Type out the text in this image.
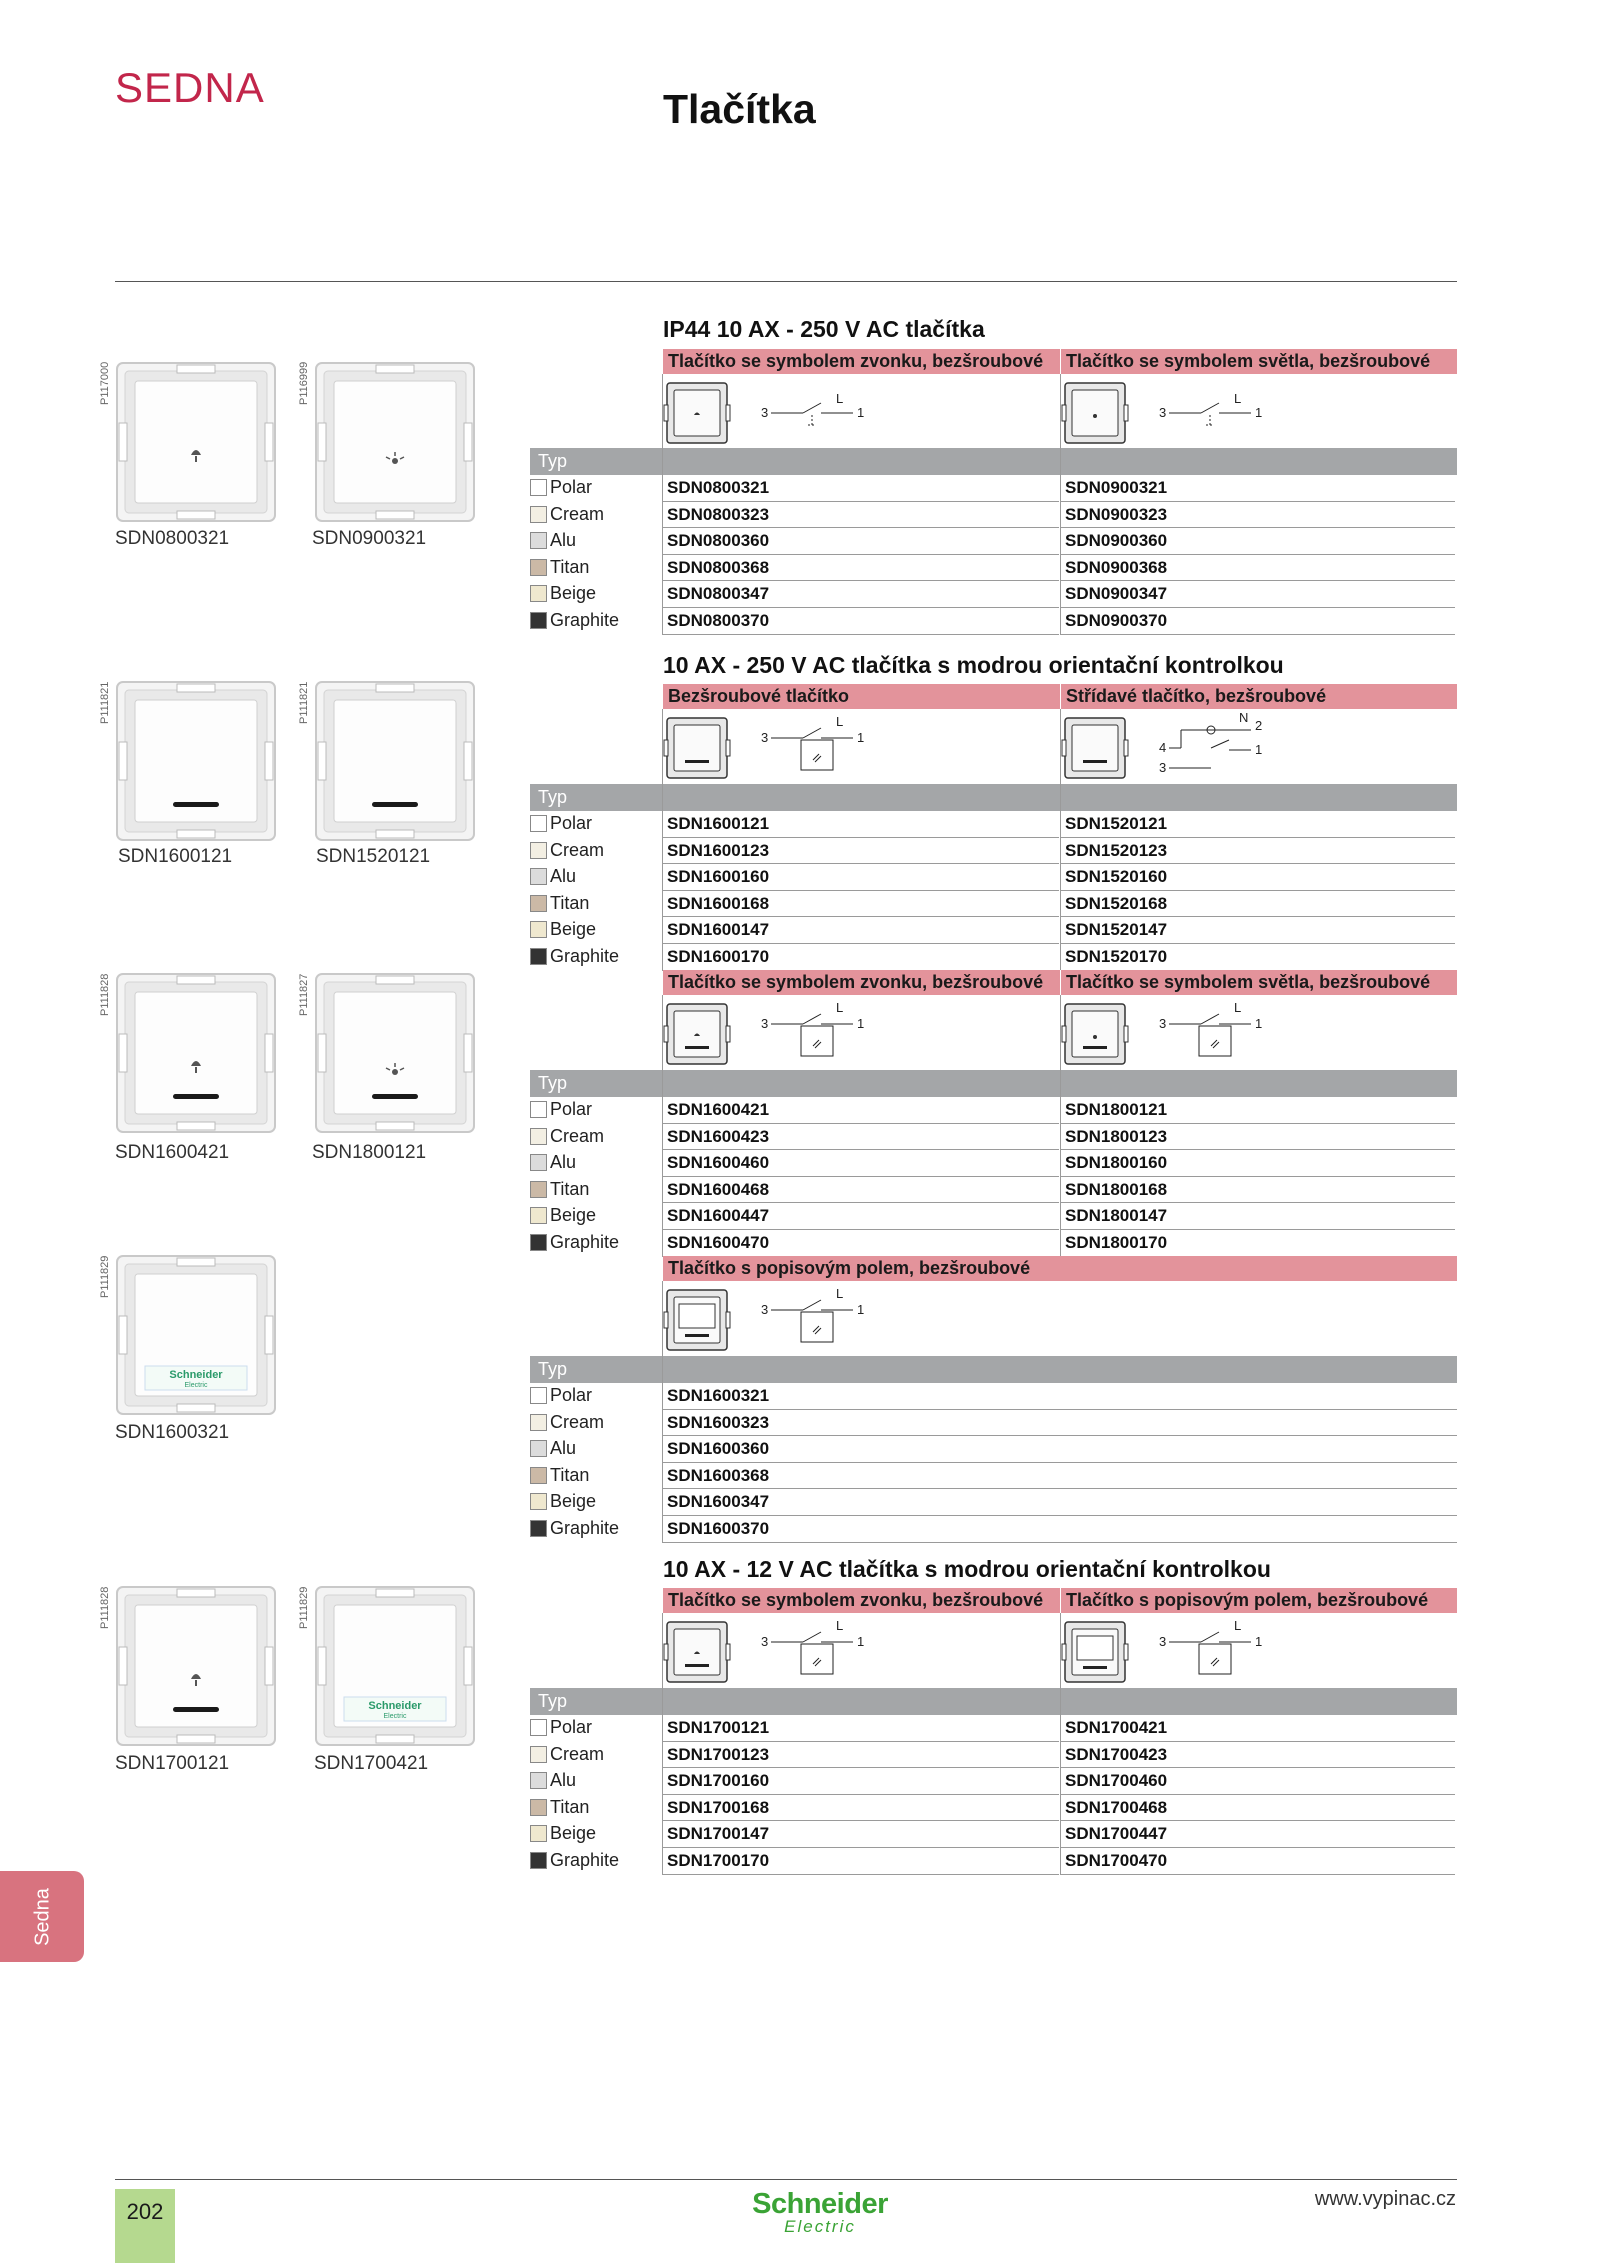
SEDNA	Tlačítka
SDN0800321
P117000
SDN0900321
P116999
SDN1600121
P111821
SDN1520121
P111821
SDN1600421
P111828
SDN1800121
P111827
Schneider
Electric
SDN1600321
P111829
SDN1700121
P111828
Schneider
Electric
SDN1700421
P111829
IP44 10 AX - 250 V AC tlačítka
Tlačítko se symbolem zvonku, bezšroubové
3
L
1
Tlačítko se symbolem světla, bezšroubové
3
L
1
Typ
Polar	SDN0800321	SDN0900321
Cream	SDN0800323	SDN0900323
Alu	SDN0800360	SDN0900360
Titan	SDN0800368	SDN0900368
Beige	SDN0800347	SDN0900347
Graphite	SDN0800370	SDN0900370
10 AX - 250 V AC tlačítka s modrou orientační kontrolkou
Bezšroubové tlačítko
3
L
1
Střídavé tlačítko, bezšroubové
4
3
N
2
1
Typ
Polar	SDN1600121	SDN1520121
Cream	SDN1600123	SDN1520123
Alu	SDN1600160	SDN1520160
Titan	SDN1600168	SDN1520168
Beige	SDN1600147	SDN1520147
Graphite	SDN1600170	SDN1520170
Tlačítko se symbolem zvonku, bezšroubové
3
L
1
Tlačítko se symbolem světla, bezšroubové
3
L
1
Typ
Polar	SDN1600421	SDN1800121
Cream	SDN1600423	SDN1800123
Alu	SDN1600460	SDN1800160
Titan	SDN1600468	SDN1800168
Beige	SDN1600447	SDN1800147
Graphite	SDN1600470	SDN1800170
Tlačítko s popisovým polem, bezšroubové
3
L
1
Typ
Polar	SDN1600321
Cream	SDN1600323
Alu	SDN1600360
Titan	SDN1600368
Beige	SDN1600347
Graphite	SDN1600370
10 AX - 12 V AC tlačítka s modrou orientační kontrolkou
Tlačítko se symbolem zvonku, bezšroubové
3
L
1
Tlačítko s popisovým polem, bezšroubové
3
L
1
Typ
Polar	SDN1700121	SDN1700421
Cream	SDN1700123	SDN1700423
Alu	SDN1700160	SDN1700460
Titan	SDN1700168	SDN1700468
Beige	SDN1700147	SDN1700447
Graphite	SDN1700170	SDN1700470
Sedna
202	Schneider
Electric
www.vypinac.cz
